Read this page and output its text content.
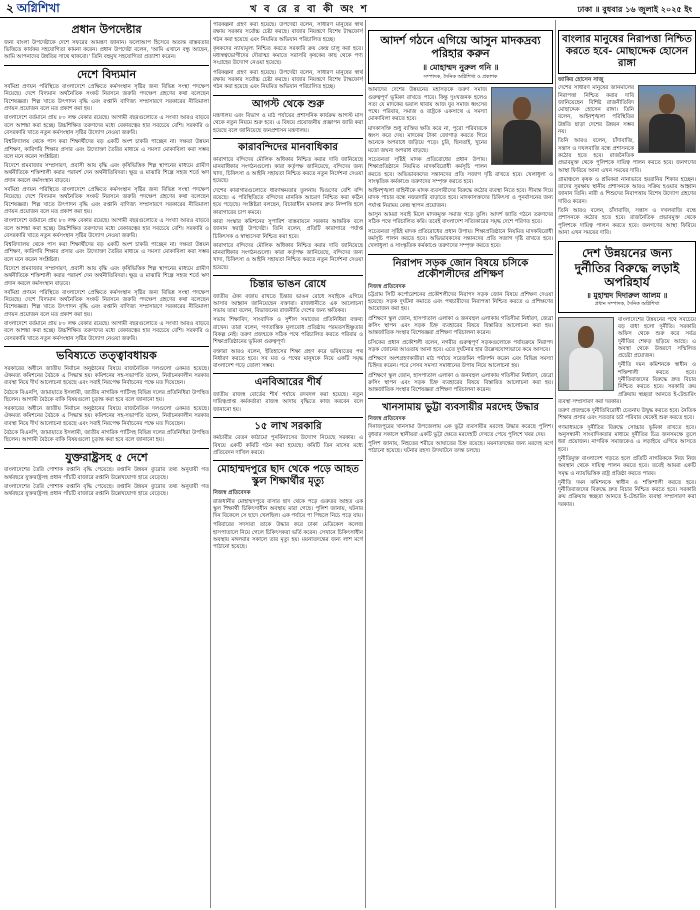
২ অগ্নিশিখা	খ ব রে র বা কী অং শ	ঢাকা ॥ বুধবার ১৬ জুলাই ২০২৫ ইং
প্রধান উপদেষ্টার
জন্য বাংলা উপদেষ্টাকে দেশে সফরের আমন্ত্রণ জানান। ফলোআপ হিসেবে অত্যন্ত বাস্তবতার ভিত্তিতে কার্যকর সহযোগিতা কামনা করেন। প্রধান উপদেষ্টা বলেন, 'আমি এখানে বন্ধু আছেন, আমি আপনাদের উন্নতির সাথে থাকবো।' তিনি বহুমুখ সহযোগিতা প্রত্যাশা করেন।
দেশে বিদ্যমান
সর্বমিশ্র প্রণয়ন পরিস্থিতে বাংলাদেশে প্রেক্ষিতে কর্মসংস্থান সৃষ্টির জন্য বিভিন্ন সংস্থা পদক্ষেপ নিয়েছে। দেশে বিদ্যমান অর্থনৈতিক সংকট নিরসনে জরুরি পদক্ষেপ গ্রহণের কথা বলেছেন বিশেষজ্ঞরা। শিল্প খাতে উৎপাদন বৃদ্ধি এবং রপ্তানি বাণিজ্য সম্প্রসারণে সরকারের নীতিমালা প্রণয়ন প্রয়োজন বলে মত প্রকাশ করা হয়।
বাংলাদেশে বর্তমানে প্রায় ৮০ লক্ষ বেকার রয়েছে। আগামী বছরগুলোতে এ সংখ্যা আরও বাড়বে বলে আশঙ্কা করা হচ্ছে। উচ্চশিক্ষিত তরুণদের মধ্যে বেকারত্বের হার সবচেয়ে বেশি। সরকারি ও বেসরকারি খাতে নতুন কর্মসংস্থান সৃষ্টির উদ্যোগ নেওয়া জরুরি।
বিশ্ববিদ্যালয় থেকে পাস করা শিক্ষার্থীদের বড় একটি অংশ চাকরি পাচ্ছেন না। দক্ষতা উন্নয়ন প্রশিক্ষণ, কারিগরি শিক্ষার প্রসার এবং উদ্যোক্তা তৈরির মাধ্যমে এ সমস্যা মোকাবিলা করা সম্ভব বলে মনে করেন সংশ্লিষ্টরা।
বিদেশে শ্রমবাজার সম্প্রসারণ, প্রবাসী আয় বৃদ্ধি এবং কৃষিভিত্তিক শিল্প স্থাপনের মাধ্যমে গ্রামীণ অর্থনীতিকে শক্তিশালী করার পরামর্শ দেন অর্থনীতিবিদরা। ক্ষুদ্র ও মাঝারি শিল্পে সহজ শর্তে ঋণ প্রদান করলে কর্মসংস্থান বাড়বে।
সর্বমিশ্র প্রণয়ন পরিস্থিতে বাংলাদেশে প্রেক্ষিতে কর্মসংস্থান সৃষ্টির জন্য বিভিন্ন সংস্থা পদক্ষেপ নিয়েছে। দেশে বিদ্যমান অর্থনৈতিক সংকট নিরসনে জরুরি পদক্ষেপ গ্রহণের কথা বলেছেন বিশেষজ্ঞরা। শিল্প খাতে উৎপাদন বৃদ্ধি এবং রপ্তানি বাণিজ্য সম্প্রসারণে সরকারের নীতিমালা প্রণয়ন প্রয়োজন বলে মত প্রকাশ করা হয়।
বাংলাদেশে বর্তমানে প্রায় ৮০ লক্ষ বেকার রয়েছে। আগামী বছরগুলোতে এ সংখ্যা আরও বাড়বে বলে আশঙ্কা করা হচ্ছে। উচ্চশিক্ষিত তরুণদের মধ্যে বেকারত্বের হার সবচেয়ে বেশি। সরকারি ও বেসরকারি খাতে নতুন কর্মসংস্থান সৃষ্টির উদ্যোগ নেওয়া জরুরি।
বিশ্ববিদ্যালয় থেকে পাস করা শিক্ষার্থীদের বড় একটি অংশ চাকরি পাচ্ছেন না। দক্ষতা উন্নয়ন প্রশিক্ষণ, কারিগরি শিক্ষার প্রসার এবং উদ্যোক্তা তৈরির মাধ্যমে এ সমস্যা মোকাবিলা করা সম্ভব বলে মনে করেন সংশ্লিষ্টরা।
বিদেশে শ্রমবাজার সম্প্রসারণ, প্রবাসী আয় বৃদ্ধি এবং কৃষিভিত্তিক শিল্প স্থাপনের মাধ্যমে গ্রামীণ অর্থনীতিকে শক্তিশালী করার পরামর্শ দেন অর্থনীতিবিদরা। ক্ষুদ্র ও মাঝারি শিল্পে সহজ শর্তে ঋণ প্রদান করলে কর্মসংস্থান বাড়বে।
সর্বমিশ্র প্রণয়ন পরিস্থিতে বাংলাদেশে প্রেক্ষিতে কর্মসংস্থান সৃষ্টির জন্য বিভিন্ন সংস্থা পদক্ষেপ নিয়েছে। দেশে বিদ্যমান অর্থনৈতিক সংকট নিরসনে জরুরি পদক্ষেপ গ্রহণের কথা বলেছেন বিশেষজ্ঞরা। শিল্প খাতে উৎপাদন বৃদ্ধি এবং রপ্তানি বাণিজ্য সম্প্রসারণে সরকারের নীতিমালা প্রণয়ন প্রয়োজন বলে মত প্রকাশ করা হয়।
বাংলাদেশে বর্তমানে প্রায় ৮০ লক্ষ বেকার রয়েছে। আগামী বছরগুলোতে এ সংখ্যা আরও বাড়বে বলে আশঙ্কা করা হচ্ছে। উচ্চশিক্ষিত তরুণদের মধ্যে বেকারত্বের হার সবচেয়ে বেশি। সরকারি ও বেসরকারি খাতে নতুন কর্মসংস্থান সৃষ্টির উদ্যোগ নেওয়া জরুরি।
ভবিষ্যতে তত্ত্বাবধায়ক
সরকারের অধীনে জাতীয় নির্বাচন অনুষ্ঠানের বিষয়ে রাজনৈতিক দলগুলো একমত হয়েছে। ঐকমত্য কমিশনের বৈঠকে এ সিদ্ধান্ত হয়। কমিশনের সহ-সভাপতি বলেন, নির্বাচনকালীন সরকার ব্যবস্থা নিয়ে দীর্ঘ আলোচনা হয়েছে এবং সবাই নিরপেক্ষ নির্বাচনের পক্ষে মত দিয়েছেন।
বৈঠকে বিএনপি, জামায়াতে ইসলামী, জাতীয় নাগরিক পার্টিসহ বিভিন্ন দলের প্রতিনিধিরা উপস্থিত ছিলেন। আগামী বৈঠকে বাকি বিষয়গুলো চূড়ান্ত করা হবে বলে জানানো হয়।
সরকারের অধীনে জাতীয় নির্বাচন অনুষ্ঠানের বিষয়ে রাজনৈতিক দলগুলো একমত হয়েছে। ঐকমত্য কমিশনের বৈঠকে এ সিদ্ধান্ত হয়। কমিশনের সহ-সভাপতি বলেন, নির্বাচনকালীন সরকার ব্যবস্থা নিয়ে দীর্ঘ আলোচনা হয়েছে এবং সবাই নিরপেক্ষ নির্বাচনের পক্ষে মত দিয়েছেন।
বৈঠকে বিএনপি, জামায়াতে ইসলামী, জাতীয় নাগরিক পার্টিসহ বিভিন্ন দলের প্রতিনিধিরা উপস্থিত ছিলেন। আগামী বৈঠকে বাকি বিষয়গুলো চূড়ান্ত করা হবে বলে জানানো হয়।
যুক্তরাষ্ট্রসহ ৫ দেশে
বাংলাদেশের তৈরি পোশাক রপ্তানি বৃদ্ধি পেয়েছে। রপ্তানি উন্নয়ন ব্যুরোর তথ্য অনুযায়ী গত অর্থবছরে যুক্তরাষ্ট্রসহ প্রধান পাঁচটি বাজারে রপ্তানি উল্লেখযোগ্য হারে বেড়েছে।
বাংলাদেশের তৈরি পোশাক রপ্তানি বৃদ্ধি পেয়েছে। রপ্তানি উন্নয়ন ব্যুরোর তথ্য অনুযায়ী গত অর্থবছরে যুক্তরাষ্ট্রসহ প্রধান পাঁচটি বাজারে রপ্তানি উল্লেখযোগ্য হারে বেড়েছে।
পরিকল্পনা গ্রহণ করা হয়েছে। উপদেষ্টা বলেন, সাধারণ মানুষের স্বার্থ রক্ষায় সরকার সর্বোচ্চ চেষ্টা করছে। বাজার নিয়ন্ত্রণে বিশেষ টাস্কফোর্স গঠন করা হয়েছে এবং নিয়মিত অভিযান পরিচালিত হচ্ছে।
কৃষকদের ন্যায্যমূল্য নিশ্চিত করতে সরকারি ক্রয় কেন্দ্র চালু করা হবে। মধ্যস্বত্বভোগীদের দৌরাত্ম্য কমাতে সরাসরি কৃষকের কাছ থেকে পণ্য সংগ্রহের উদ্যোগ নেওয়া হয়েছে।
পরিকল্পনা গ্রহণ করা হয়েছে। উপদেষ্টা বলেন, সাধারণ মানুষের স্বার্থ রক্ষায় সরকার সর্বোচ্চ চেষ্টা করছে। বাজার নিয়ন্ত্রণে বিশেষ টাস্কফোর্স গঠন করা হয়েছে এবং নিয়মিত অভিযান পরিচালিত হচ্ছে।
আগস্ট থেকে শুরু
মন্ত্রণালয় এবং বিভাগ ও মাঠ পর্যায়ের প্রশাসনিক কার্যক্রম আগস্ট মাস থেকে নতুন নিয়মে শুরু হবে। এ বিষয়ে প্রয়োজনীয় প্রজ্ঞাপন জারি করা হয়েছে বলে জানিয়েছে জনপ্রশাসন মন্ত্রণালয়।
কারাবন্দিদের মানবাধিকার
কারাগারে বন্দিদের মৌলিক অধিকার নিশ্চিত করার দাবি জানিয়েছে মানবাধিকার সংগঠনগুলো। কারা কর্তৃপক্ষ জানিয়েছে, বন্দিদের জন্য খাদ্য, চিকিৎসা ও আইনি সহায়তা নিশ্চিত করতে নতুন নির্দেশনা দেওয়া হয়েছে।
দেশের কারাগারগুলোতে ধারণক্ষমতার তুলনায় দ্বিগুণের বেশি বন্দি রয়েছে। এ পরিস্থিতিতে বন্দিদের মানবিক আচরণ নিশ্চিত করা কঠিন হয়ে পড়েছে। সংশ্লিষ্টরা বলছেন, বিচারাধীন মামলার দ্রুত নিষ্পত্তি হলে কারাগারের চাপ কমবে।
কারা সংস্কার কমিশনের সুপারিশ বাস্তবায়নে সরকার আন্তরিক বলে জানান স্বরাষ্ট্র উপদেষ্টা। তিনি বলেন, প্রতিটি কারাগারে পর্যাপ্ত চিকিৎসক ও স্বাস্থ্যসেবা নিশ্চিত করা হবে।
কারাগারে বন্দিদের মৌলিক অধিকার নিশ্চিত করার দাবি জানিয়েছে মানবাধিকার সংগঠনগুলো। কারা কর্তৃপক্ষ জানিয়েছে, বন্দিদের জন্য খাদ্য, চিকিৎসা ও আইনি সহায়তা নিশ্চিত করতে নতুন নির্দেশনা দেওয়া হয়েছে।
চিন্তার ভাঙন রোধে
জাতীয় ঐক্য বজায় রাখতে চিন্তার ভাঙন রোধে সবাইকে এগিয়ে আসার আহ্বান জানিয়েছেন বক্তারা। রাজধানীতে এক আলোচনা সভায় তারা বলেন, বিভাজনের রাজনীতি দেশের জন্য ক্ষতিকর।
সভায় শিক্ষাবিদ, সাংবাদিক ও সুশীল সমাজের প্রতিনিধিরা বক্তব্য রাখেন। তারা বলেন, গণতান্ত্রিক মূল্যবোধ প্রতিষ্ঠায় পরমতসহিষ্ণুতার বিকল্প নেই। তরুণ প্রজন্মকে সঠিক পথে পরিচালিত করতে পরিবার ও শিক্ষাপ্রতিষ্ঠানের ভূমিকা গুরুত্বপূর্ণ।
বক্তারা আরও বলেন, ইতিহাসের শিক্ষা গ্রহণ করে ভবিষ্যতের পথ নির্ধারণ করতে হবে। সব মত ও পথের মানুষকে নিয়ে একটি সমৃদ্ধ বাংলাদেশ গড়ে তোলা সম্ভব।
এনবিআরের শীর্ষ
জাতীয় রাজস্ব বোর্ডের শীর্ষ পর্যায়ে রদবদল করা হয়েছে। নতুন দায়িত্বপ্রাপ্ত কর্মকর্তারা রাজস্ব আদায় বৃদ্ধিতে কাজ করবেন বলে জানানো হয়।
১৫ লাখ সরকারি
কর্মচারীর বেতন কাঠামো পুনর্বিন্যাসের উদ্যোগ নিয়েছে সরকার। এ বিষয়ে একটি কমিটি গঠন করা হয়েছে। কমিটি তিন মাসের মধ্যে প্রতিবেদন দাখিল করবে।
মোহাম্মদপুরে ছাদ থেকে পড়ে আহত স্কুল শিক্ষার্থীর মৃত্যু
নিজস্ব প্রতিবেদক
রাজধানীর মোহাম্মদপুরে বাসার ছাদ থেকে পড়ে গুরুতর আহত এক স্কুল শিক্ষার্থী চিকিৎসাধীন অবস্থায় মারা গেছে। পুলিশ জানায়, ঘটনার দিন বিকেলে সে ছাদে খেলছিল। এক পর্যায়ে পা পিছলে নিচে পড়ে যায়।
পরিবারের সদস্যরা তাকে উদ্ধার করে ঢাকা মেডিকেল কলেজ হাসপাতালে নিয়ে গেলে চিকিৎসকরা ভর্তি করেন। সেখানে চিকিৎসাধীন অবস্থায় মঙ্গলবার সকালে তার মৃত্যু হয়। ময়নাতদন্তের জন্য লাশ মর্গে পাঠানো হয়েছে।
আদর্শ গঠনে এগিয়ে আসুন মাদকদ্রব্য পরিহার করুন
॥ মোহাম্মদ নুরুল গনি ॥
সম্পাদক, দৈনিক অগ্নিশিখা ও প্রকাশক
আমাদের দেশের উন্নয়নের মহাসড়কে তরুণ সমাজ গুরুত্বপূর্ণ ভূমিকা রাখতে পারে। কিন্তু দুঃখজনক হলেও সত্য যে মাদকের ভয়াল থাবায় আজ যুব সমাজ ধ্বংসের পথে। পরিবার, সমাজ ও রাষ্ট্রকে একসাথে এ সমস্যা মোকাবিলা করতে হবে।
মাদকাসক্তি শুধু ব্যক্তির ক্ষতি করে না, পুরো পরিবারকে ধ্বংস করে দেয়। মাদকের টাকা জোগাড় করতে গিয়ে অনেকে অপরাধে জড়িয়ে পড়ে। চুরি, ছিনতাই, খুনের মতো জঘন্য অপরাধ বাড়ছে।
সচেতনতা সৃষ্টিই মাদক প্রতিরোধের প্রধান উপায়। শিক্ষাপ্রতিষ্ঠানে নিয়মিত মাদকবিরোধী কর্মসূচি পালন করতে হবে। অভিভাবকদের সন্তানদের প্রতি সজাগ দৃষ্টি রাখতে হবে। খেলাধুলা ও সাংস্কৃতিক কর্মকাণ্ডে তরুণদের সম্পৃক্ত করতে হবে।
আইনশৃঙ্খলা বাহিনীকে মাদক ব্যবসায়ীদের বিরুদ্ধে কঠোর ব্যবস্থা নিতে হবে। সীমান্ত দিয়ে মাদক পাচার বন্ধে নজরদারি বাড়াতে হবে। মাদকাসক্তদের চিকিৎসা ও পুনর্বাসনের জন্য পর্যাপ্ত নিরাময় কেন্দ্র স্থাপন প্রয়োজন।
আসুন আমরা সবাই মিলে মাদকমুক্ত সমাজ গড়ে তুলি। আদর্শ জাতি গঠনে তরুণদের সঠিক পথে পরিচালিত করি। তবেই বাংলাদেশ সত্যিকারের সমৃদ্ধ দেশে পরিণত হবে।
সচেতনতা সৃষ্টিই মাদক প্রতিরোধের প্রধান উপায়। শিক্ষাপ্রতিষ্ঠানে নিয়মিত মাদকবিরোধী কর্মসূচি পালন করতে হবে। অভিভাবকদের সন্তানদের প্রতি সজাগ দৃষ্টি রাখতে হবে। খেলাধুলা ও সাংস্কৃতিক কর্মকাণ্ডে তরুণদের সম্পৃক্ত করতে হবে।
নিরাপদ সড়ক জোন বিষয়ে চসিকে প্রকৌশলীদের প্রশিক্ষণ
নিজস্ব প্রতিবেদক
চট্টগ্রাম সিটি কর্পোরেশনের প্রকৌশলীদের নিরাপদ সড়ক জোন বিষয়ে প্রশিক্ষণ দেওয়া হয়েছে। সড়ক দুর্ঘটনা কমাতে এবং পথচারীদের নিরাপত্তা নিশ্চিত করতে এ প্রশিক্ষণের আয়োজন করা হয়।
প্রশিক্ষণে স্কুল জোন, হাসপাতাল এলাকা ও জনবহুল এলাকায় গতিসীমা নির্ধারণ, জেব্রা ক্রসিং স্থাপন এবং সড়ক চিহ্ন ব্যবহারের বিষয়ে বিস্তারিত আলোচনা করা হয়। আন্তর্জাতিক সংস্থার বিশেষজ্ঞরা প্রশিক্ষণ পরিচালনা করেন।
চসিকের প্রধান প্রকৌশলী বলেন, নগরীর গুরুত্বপূর্ণ সড়কগুলোকে পর্যায়ক্রমে নিরাপদ সড়ক জোনের আওতায় আনা হবে। এতে দুর্ঘটনার হার উল্লেখযোগ্যভাবে কমে আসবে।
প্রশিক্ষণে অংশগ্রহণকারীরা মাঠ পর্যায়ে সরেজমিন পরিদর্শন করেন এবং বিভিন্ন সমস্যা চিহ্নিত করেন। পরে সেসব সমস্যা সমাধানের উপায় নিয়ে আলোচনা হয়।
প্রশিক্ষণে স্কুল জোন, হাসপাতাল এলাকা ও জনবহুল এলাকায় গতিসীমা নির্ধারণ, জেব্রা ক্রসিং স্থাপন এবং সড়ক চিহ্ন ব্যবহারের বিষয়ে বিস্তারিত আলোচনা করা হয়। আন্তর্জাতিক সংস্থার বিশেষজ্ঞরা প্রশিক্ষণ পরিচালনা করেন।
খানসামায় ভুট্টা ব্যবসায়ীর মরদেহ উদ্ধার
নিজস্ব প্রতিবেদক
দিনাজপুরের খানসামা উপজেলায় এক ভুট্টা ব্যবসায়ীর মরদেহ উদ্ধার করেছে পুলিশ। বুধবার সকালে স্থানীয়রা একটি ভুট্টা ক্ষেতে মরদেহটি দেখতে পেয়ে পুলিশে খবর দেয়।
পুলিশ জানায়, নিহতের শরীরে আঘাতের চিহ্ন রয়েছে। ময়নাতদন্তের জন্য মরদেহ মর্গে পাঠানো হয়েছে। ঘটনার রহস্য উদঘাটনে তদন্ত চলছে।
বাংলার মানুষের নিরাপত্তা নিশ্চিত করতে হবে- মোছাদ্দেক হোসেন রাঙ্গা
জাকির হোসেন সাজু
দেশের সাধারণ মানুষের জানমালের নিরাপত্তা নিশ্চিত করার দাবি জানিয়েছেন বিশিষ্ট রাজনীতিবিদ মোছাদ্দেক হোসেন রাঙ্গা। তিনি বলেন, আইনশৃঙ্খলা পরিস্থিতির উন্নতি ছাড়া দেশের উন্নয়ন সম্ভব নয়।
তিনি আরও বলেন, চাঁদাবাজি, সন্ত্রাস ও দখলবাজি বন্ধে প্রশাসনকে কঠোর হতে হবে। রাজনৈতিক প্রভাবমুক্ত থেকে পুলিশকে দায়িত্ব পালন করতে হবে। জনগণের আস্থা ফিরিয়ে আনা এখন সময়ের দাবি।
গ্রামাঞ্চলে কৃষক ও শ্রমিকরা নানাভাবে হয়রানির শিকার হচ্ছেন। তাদের সুরক্ষায় স্থানীয় প্রশাসনকে আরও সক্রিয় হওয়ার আহ্বান জানান তিনি। নারী ও শিশুদের নিরাপত্তায় বিশেষ উদ্যোগ গ্রহণের দাবিও করেন।
তিনি আরও বলেন, চাঁদাবাজি, সন্ত্রাস ও দখলবাজি বন্ধে প্রশাসনকে কঠোর হতে হবে। রাজনৈতিক প্রভাবমুক্ত থেকে পুলিশকে দায়িত্ব পালন করতে হবে। জনগণের আস্থা ফিরিয়ে আনা এখন সময়ের দাবি।
দেশ উন্নয়নের জন্য দুর্নীতির বিরুদ্ধে লড়াই অপরিহার্য
॥ মুহাম্মদ দিদারুল আলম ॥
প্রধান সম্পাদক, দৈনিক অগ্নিশিখা
বাংলাদেশের উন্নয়নের পথে সবচেয়ে বড় বাধা হলো দুর্নীতি। সরকারি অফিস থেকে শুরু করে সর্বত্র দুর্নীতির শেকড় ছড়িয়ে আছে। এ অবস্থা থেকে উত্তরণে সম্মিলিত প্রচেষ্টা প্রয়োজন।
দুর্নীতি দমন কমিশনকে স্বাধীন ও শক্তিশালী করতে হবে। দুর্নীতিবাজদের বিরুদ্ধে দ্রুত বিচার নিশ্চিত করতে হবে। সরকারি ক্রয় প্রক্রিয়ায় স্বচ্ছতা আনতে ই-টেন্ডারিং ব্যবস্থা সম্প্রসারণ করা দরকার।
তরুণ প্রজন্মকে দুর্নীতিবিরোধী চেতনায় উদ্বুদ্ধ করতে হবে। নৈতিক শিক্ষার প্রসার এবং সততার চর্চা পরিবার থেকেই শুরু করতে হবে।
গণমাধ্যমকে দুর্নীতির বিরুদ্ধে সোচ্চার ভূমিকা রাখতে হবে। অনুসন্ধানী সাংবাদিকতার মাধ্যমে দুর্নীতির চিত্র জনসমক্ষে তুলে ধরা প্রয়োজন। নাগরিক সমাজকেও এ লড়াইয়ে এগিয়ে আসতে হবে।
দুর্নীতিমুক্ত বাংলাদেশ গড়তে হলে প্রতিটি নাগরিককে নিজ নিজ অবস্থান থেকে দায়িত্ব পালন করতে হবে। তবেই আমরা একটি সমৃদ্ধ ও ন্যায়ভিত্তিক রাষ্ট্র প্রতিষ্ঠা করতে পারব।
দুর্নীতি দমন কমিশনকে স্বাধীন ও শক্তিশালী করতে হবে। দুর্নীতিবাজদের বিরুদ্ধে দ্রুত বিচার নিশ্চিত করতে হবে। সরকারি ক্রয় প্রক্রিয়ায় স্বচ্ছতা আনতে ই-টেন্ডারিং ব্যবস্থা সম্প্রসারণ করা দরকার।
